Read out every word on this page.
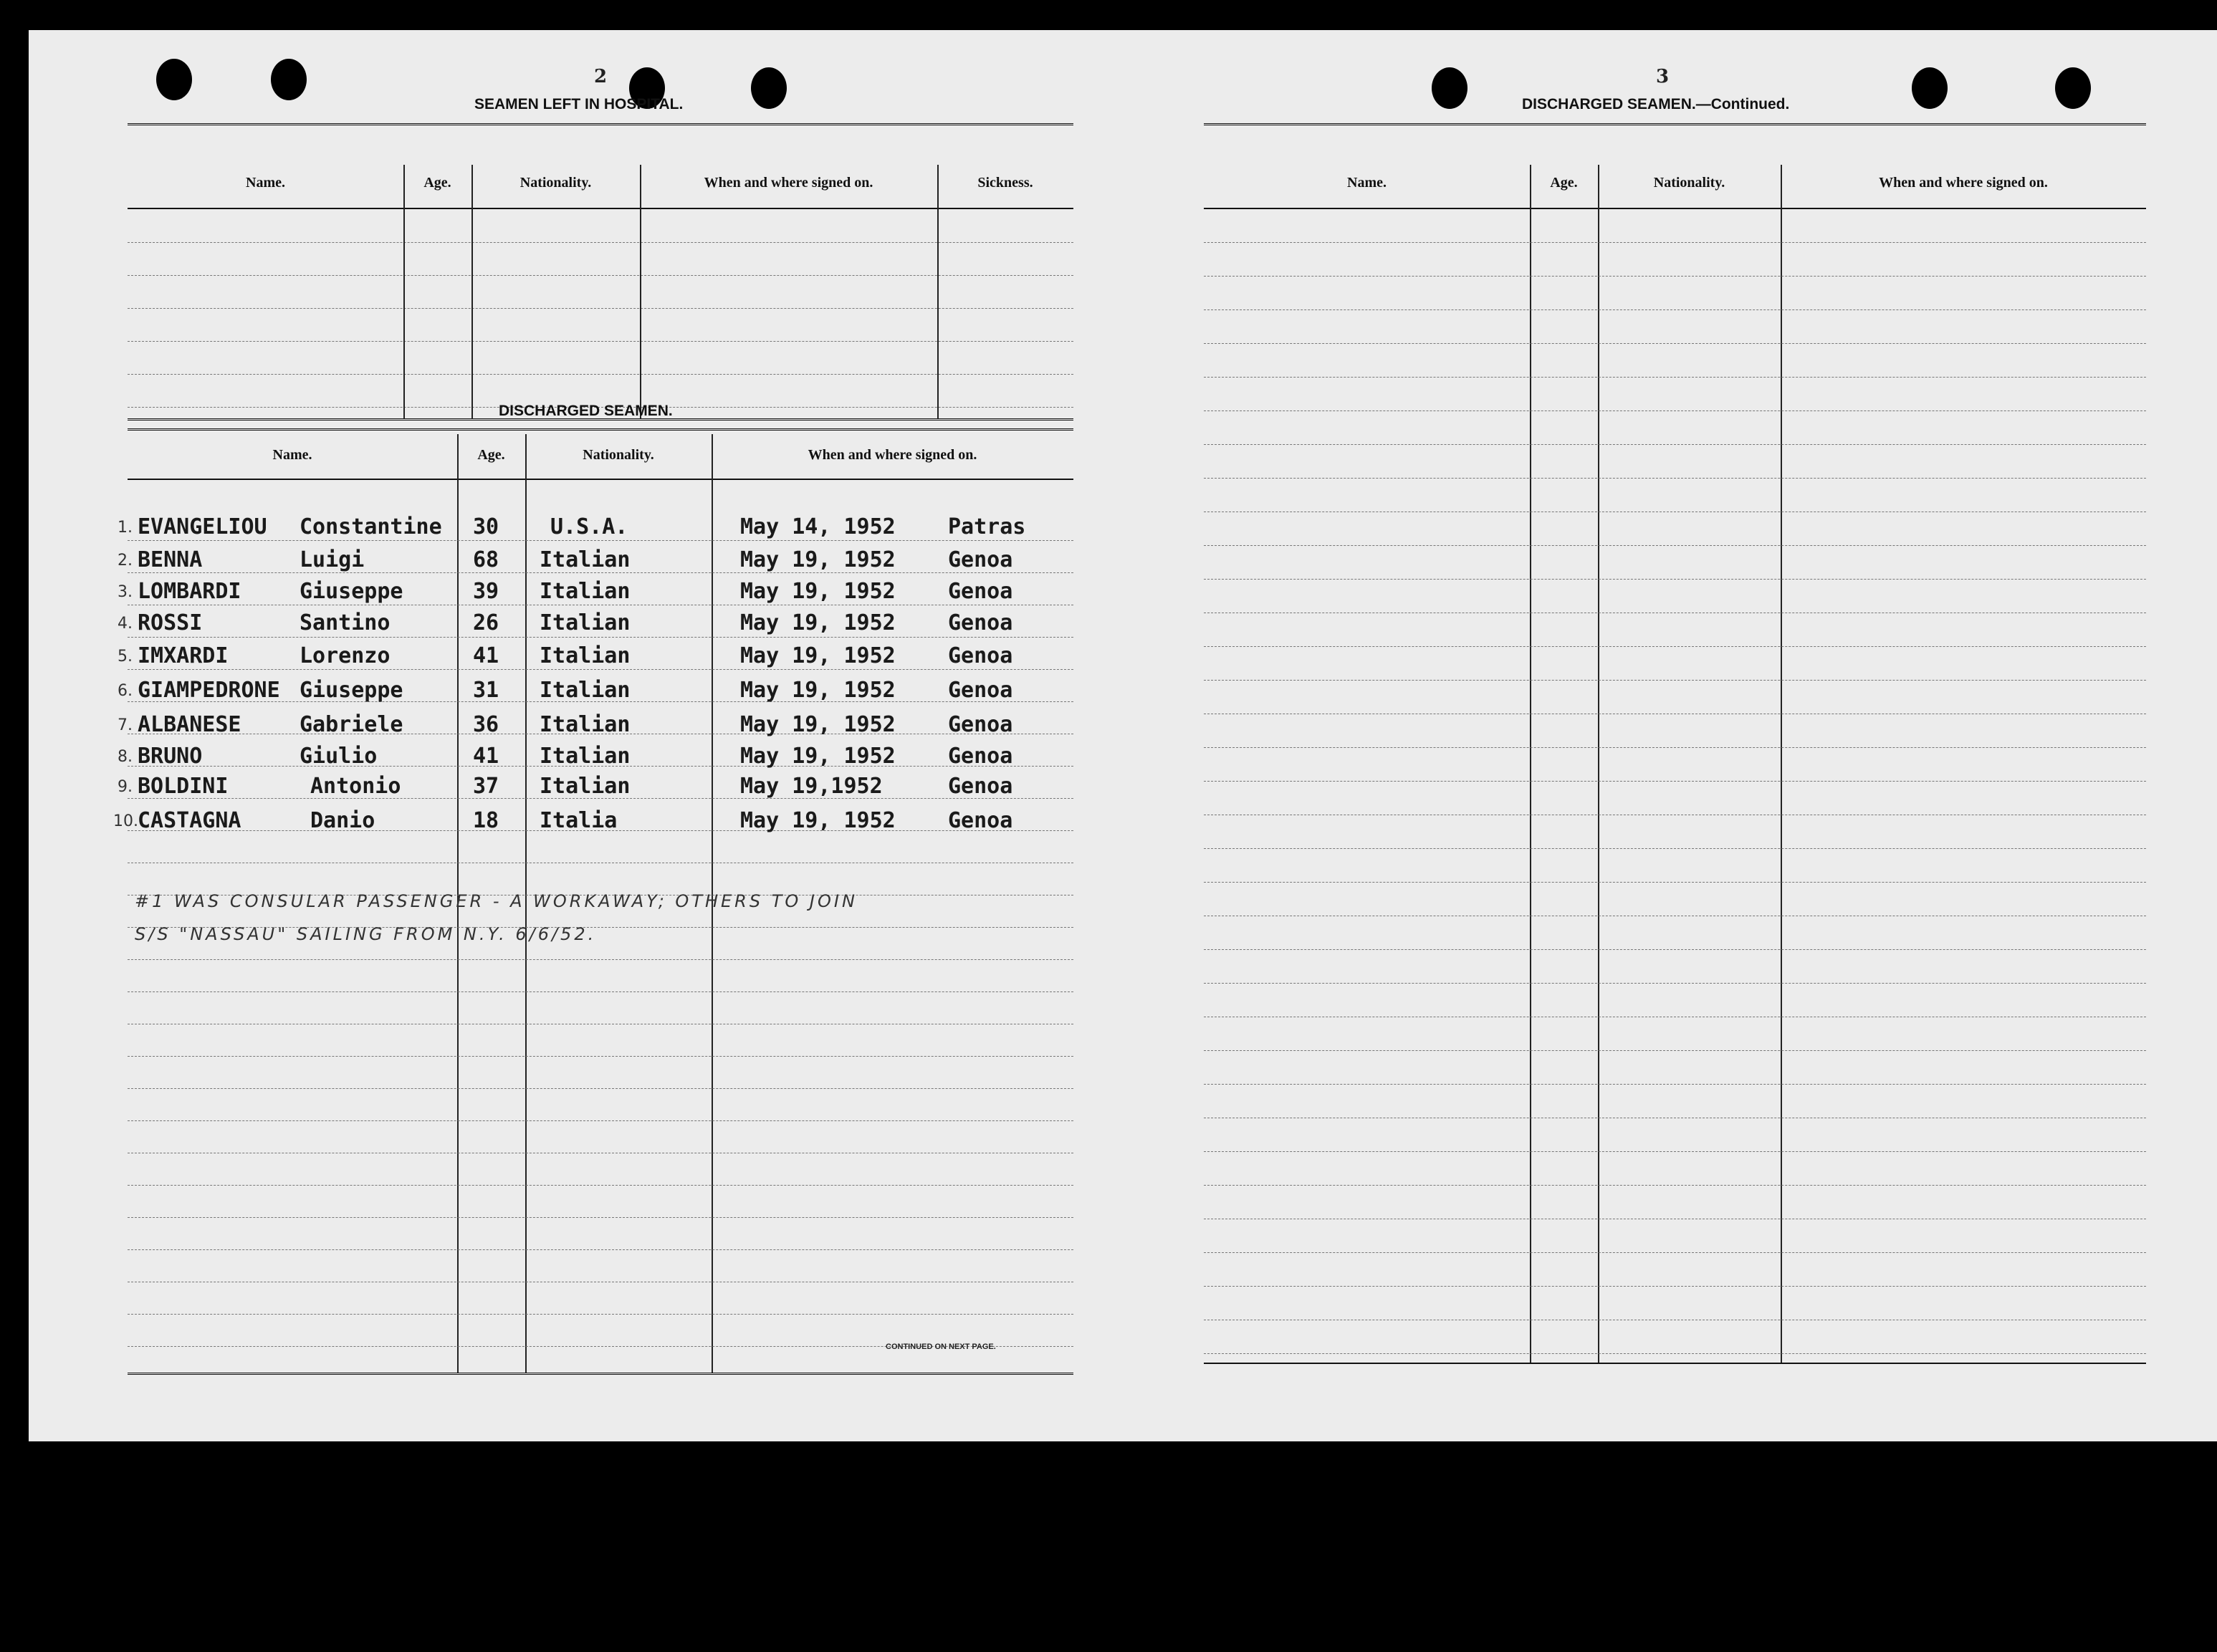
2
SEAMEN LEFT IN HOSPITAL.
Name.	Age.	Nationality.	When and where signed on.	Sickness.
DISCHARGED SEAMEN.
Name.	Age.	Nationality.	When and where signed on.
1. EVANGELIOU Constantine 30 U.S.A.	May 14, 1952 Patras
2. BENNA	Luigi	68 Italian	May 19, 1952 Genoa
3. LOMBARDI	Giuseppe	39 Italian	May 19, 1952 Genoa
4. ROSSI	Santino	26 Italian	May 19, 1952 Genoa
5. IMXARDI	Lorenzo	41 Italian	May 19, 1952 Genoa
6. GIAMPEDRONE Giuseppe	31 Italian	May 19, 1952 Genoa
7. ALBANESE	Gabriele	36 Italian	May 19, 1952 Genoa
8. BRUNO	Giulio	41 Italian	May 19, 1952 Genoa
9. BOLDINI	Antonio	37 Italian	May 19,1952	Genoa
10. CASTAGNA	Danio	18 Italia	May 19, 1952 Genoa
#1 WAS CONSULAR PASSENGER - A WORKAWAY; OTHERS TO JOIN
S/S "NASSAU" SAILING FROM N.Y. 6/6/52.
CONTINUED ON NEXT PAGE.
3
DISCHARGED SEAMEN.—Continued.
Name.	Age.	Nationality.	When and where signed on.
